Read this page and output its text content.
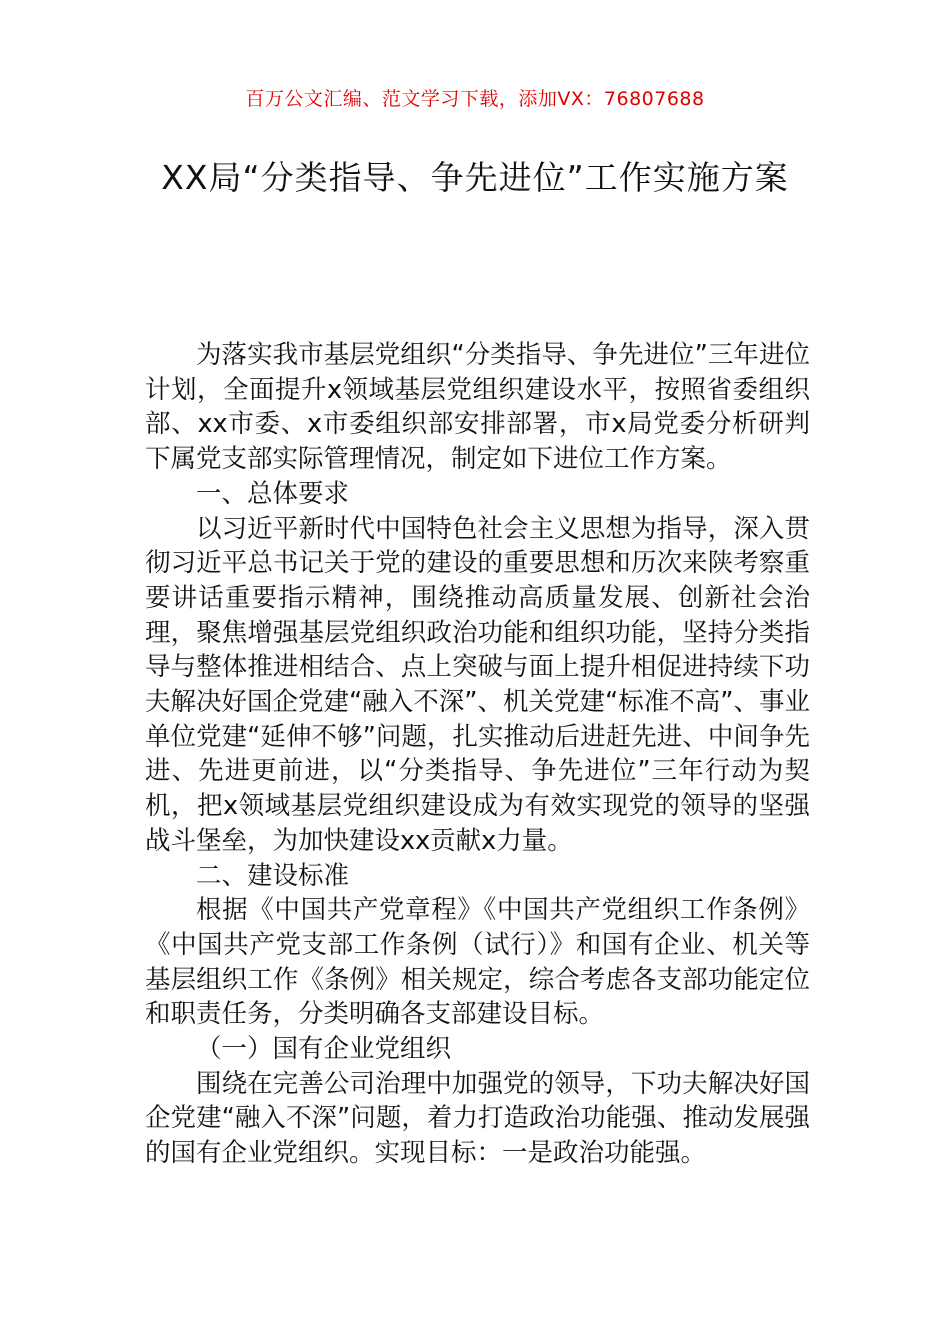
百万公文汇编、范文学习下载，添加VX：76807688
XX局“分类指导、争先进位”工作实施方案

为落实我市基层党组织“分类指导、争先进位”三年进位计划，全面提升x领域基层党组织建设水平，按照省委组织部、xx市委、x市委组织部安排部署，市x局党委分析研判下属党支部实际管理情况，制定如下进位工作方案。

一、总体要求

以习近平新时代中国特色社会主义思想为指导，深入贯彻习近平总书记关于党的建设的重要思想和历次来陕考察重要讲话重要指示精神，围绕推动高质量发展、创新社会治理，聚焦增强基层党组织政治功能和组织功能，坚持分类指导与整体推进相结合、点上突破与面上提升相促进持续下功夫解决好国企党建“融入不深”、机关党建“标准不高”、事业单位党建“延伸不够”问题，扎实推动后进赶先进、中间争先进、先进更前进，以“分类指导、争先进位”三年行动为契机，把x领域基层党组织建设成为有效实现党的领导的坚强战斗堡垒，为加快建设xx贡献x力量。

二、建设标准

根据《中国共产党章程》《中国共产党组织工作条例》《中国共产党支部工作条例（试行）》和国有企业、机关等基层组织工作《条例》相关规定，综合考虑各支部功能定位和职责任务，分类明确各支部建设目标。

（一）国有企业党组织

围绕在完善公司治理中加强党的领导，下功夫解决好国企党建“融入不深”问题，着力打造政治功能强、推动发展强的国有企业党组织。实现目标：一是政治功能强。
